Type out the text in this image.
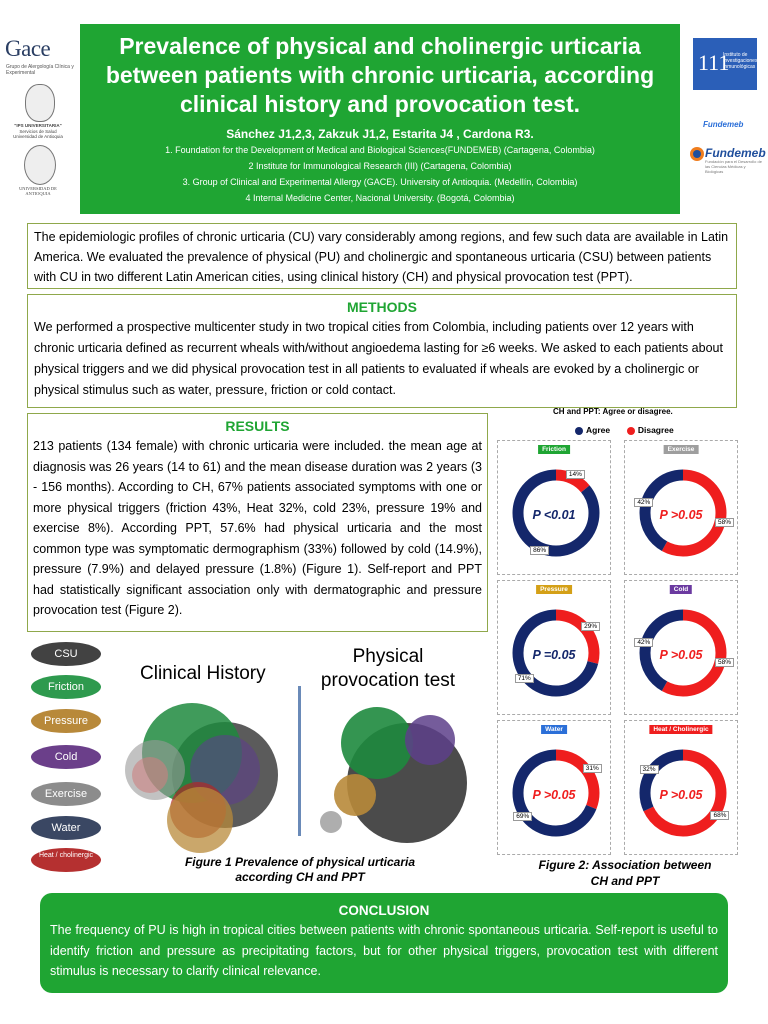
Gace
Grupo de Alergología Clínica y Experimental
"IPS UNIVERSITARIA"
Servicios de Salud Universidad de Antioquia
UNIVERSIDAD DE ANTIOQUIA
Prevalence of physical and cholinergic urticaria between patients with chronic urticaria, according clinical history and provocation test.
Sánchez J1,2,3, Zakzuk J1,2, Estarita J4 , Cardona R3.
1. Foundation for the Development of Medical and Biological Sciences(FUNDEMEB) (Cartagena, Colombia)
2 Institute for Immunological Research (III) (Cartagena, Colombia)
3. Group of Clinical and Experimental Allergy (GACE). University of Antioquia. (Medellín, Colombia)
4 Internal Medicine Center, Nacional University. (Bogotá, Colombia)
111
Instituto de Investigaciones Inmunológicas
Fundemeb
Fundemeb
Fundación para el Desarrollo de las Ciencias Médicas y Biológicas
The epidemiologic profiles of chronic urticaria (CU) vary considerably among regions, and few such data are available in Latin America. We evaluated the prevalence of physical (PU) and cholinergic and spontaneous urticaria (CSU) between patients with CU in two different Latin American cities, using clinical history (CH) and physical provocation test (PPT).
METHODS
We performed a prospective multicenter study in two tropical cities from Colombia, including patients over 12 years with chronic urticaria defined as recurrent wheals with/without angioedema lasting for ≥6 weeks. We asked to each patients about physical triggers and we did physical provocation test in all patients to evaluated if wheals are evoked by a cholinergic or physical stimulus such as water, pressure, friction or cold contact.
RESULTS
213 patients (134 female) with chronic urticaria were included. the mean age at diagnosis was 26 years (14 to 61) and the mean disease duration was 2 years (3 - 156 months). According to CH, 67% patients associated symptoms with one or more physical triggers (friction 43%, Heat 32%, cold 23%, pressure 19% and exercise 8%). According PPT, 57.6% had physical urticaria and the most common type was symptomatic dermographism (33%) followed by cold (14.9%), pressure (7.9%) and delayed pressure (1.8%) (Figure 1). Self-report and PPT had statistically significant association only with dermatographic and pressure provocation test (Figure 2).
CH and PPT: Agree or disagree.
Agree	Disagree
Friction
P <0.01
14%
86%
Exercise
P >0.05
58%
42%
Pressure
P =0.05
29%
71%
Cold
P >0.05
58%
42%
Water
P >0.05
31%
69%
Heat / Cholinergic
P >0.05
68%
32%
Figure 2: Association between CH and PPT
CSU
Friction
Pressure
Cold
Exercise
Water
Heat / cholinergic
Clinical History
Physical provocation test
Figure 1 Prevalence of physical urticaria according CH and PPT
CONCLUSION
The frequency of PU is high in tropical cities between patients with chronic spontaneous urticaria. Self-report is useful to identify friction and pressure as precipitating factors, but for other physical triggers, provocation test with different stimulus is necessary to clarify clinical relevance.
